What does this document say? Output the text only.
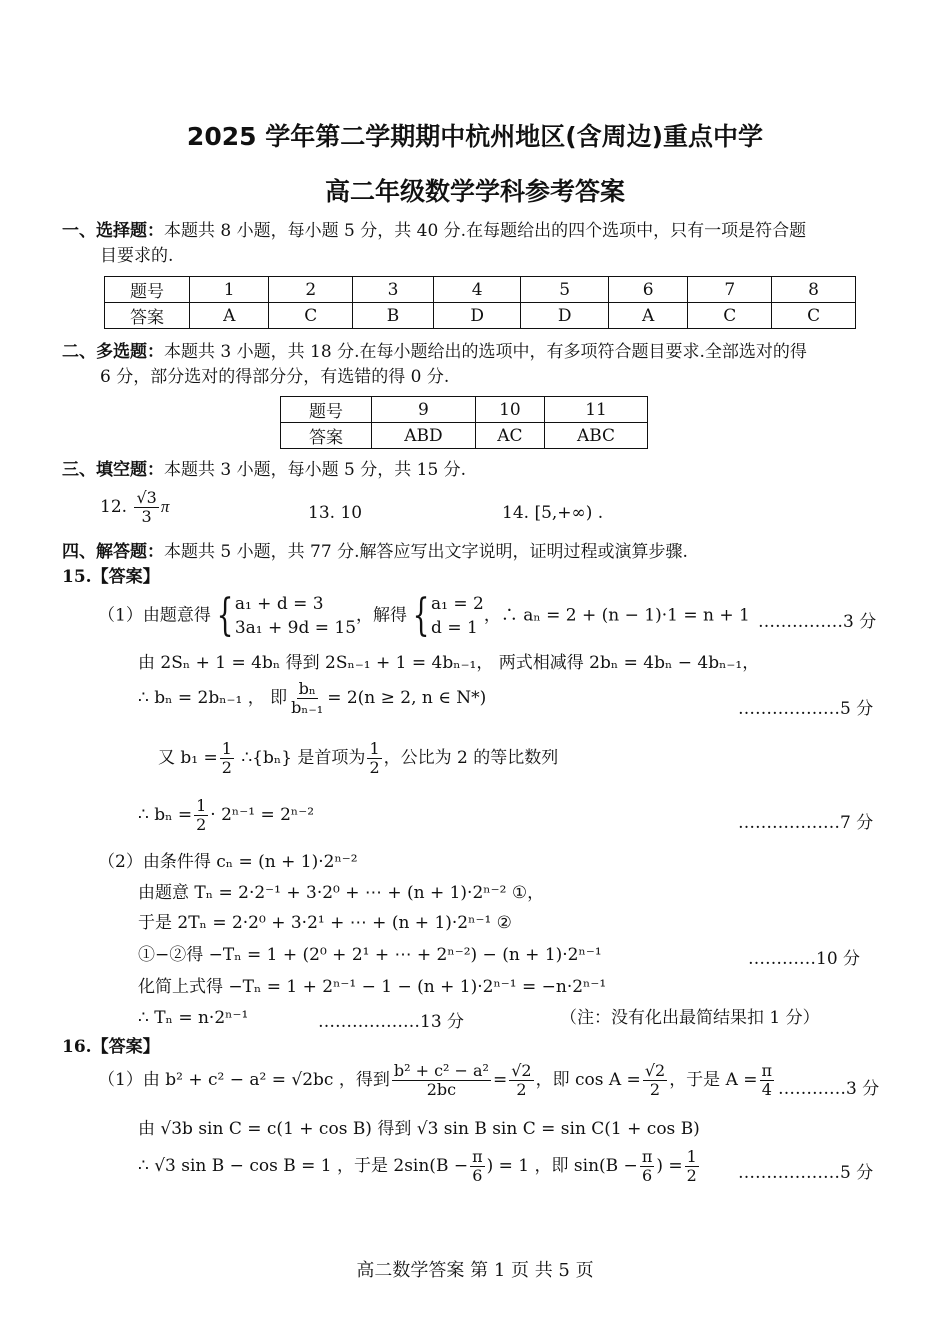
2025 学年第二学期期中杭州地区(含周边)重点中学
高二年级数学学科参考答案
一、选择题：本题共 8 小题，每小题 5 分，共 40 分.在每题给出的四个选项中，只有一项是符合题
目要求的.
题号	1	2	3	4	5	6	7	8
答案	A	C	B	D	D	A	C	C
二、多选题：本题共 3 小题，共 18 分.在每小题给出的选项中，有多项符合题目要求.全部选对的得
6 分，部分选对的得部分分，有选错的得 0 分.
题号	9	10	11
答案	ABD	AC	ABC
三、填空题：本题共 3 小题，每小题 5 分，共 15 分.
12. $\frac{√3}{3}$ π	13. 10	14. [5,+∞) .
四、解答题：本题共 5 小题，共 77 分.解答应写出文字说明，证明过程或演算步骤.
15.【答案】
（1）由题意得 { a₁ + d = 3
3a₁ + 9d = 15
，解得 { a₁ = 2
d = 1
，∴ aₙ = 2 + (n − 1)·1 = n + 1 ……………3 分
由 2Sₙ + 1 = 4bₙ 得到 2Sₙ₋₁ + 1 = 4bₙ₋₁， 两式相减得 2bₙ = 4bₙ − 4bₙ₋₁，
∴ bₙ = 2bₙ₋₁ ， 即 $\frac{\text{bₙ}}{\text{bₙ₋₁}} = 2(n \ge 2$, n ∈ N*)
………………5 分
又 $b_1 = \frac{1}{2}$ ∴{bₙ} 是首项为 $\frac{1}{2}$ ，公比为 2 的等比数列
∴ $b_n = \frac{1}{2} \cdot 2^{n-1} = 2^{n-2}$	………………7 分
（2）由条件得 cₙ = (n + 1)·2ⁿ⁻²
由题意 Tₙ = 2·2⁻¹ + 3·2⁰ + ⋯ + (n + 1)·2ⁿ⁻² ①，
于是 2Tₙ = 2·2⁰ + 3·2¹ + ⋯ + (n + 1)·2ⁿ⁻¹ ②
①−②得 −Tₙ = 1 + (2⁰ + 2¹ + ⋯ + 2ⁿ⁻²) − (n + 1)·2ⁿ⁻¹	…………10 分
化简上式得 −Tₙ = 1 + 2ⁿ⁻¹ − 1 − (n + 1)·2ⁿ⁻¹ = −n·2ⁿ⁻¹
∴ Tₙ = n·2ⁿ⁻¹	………………13 分	（注：没有化出最简结果扣 1 分）
16.【答案】
（1）由 b² + c² − a² = √2bc ，得到 $\frac{\text{b² + c² − a²}}{2bc} = \frac{√2}{2}$ ，即 $\cos A = \frac{√2}{2}$ ，于是 $A = \frac{\pi}{4}$ …………3 分
由 √3b sin C = c(1 + cos B) 得到 √3 sin B sin C = sin C(1 + cos B)
∴ √3 sin B − cos B = 1 ，于是 $2\sin(B - \frac{\pi}{6}$ ) = 1 ，即 $\sin(B - \frac{\pi}{6}$ ) = $\frac{1}{2}$ ………………5 分
高二数学答案 第 1 页 共 5 页
